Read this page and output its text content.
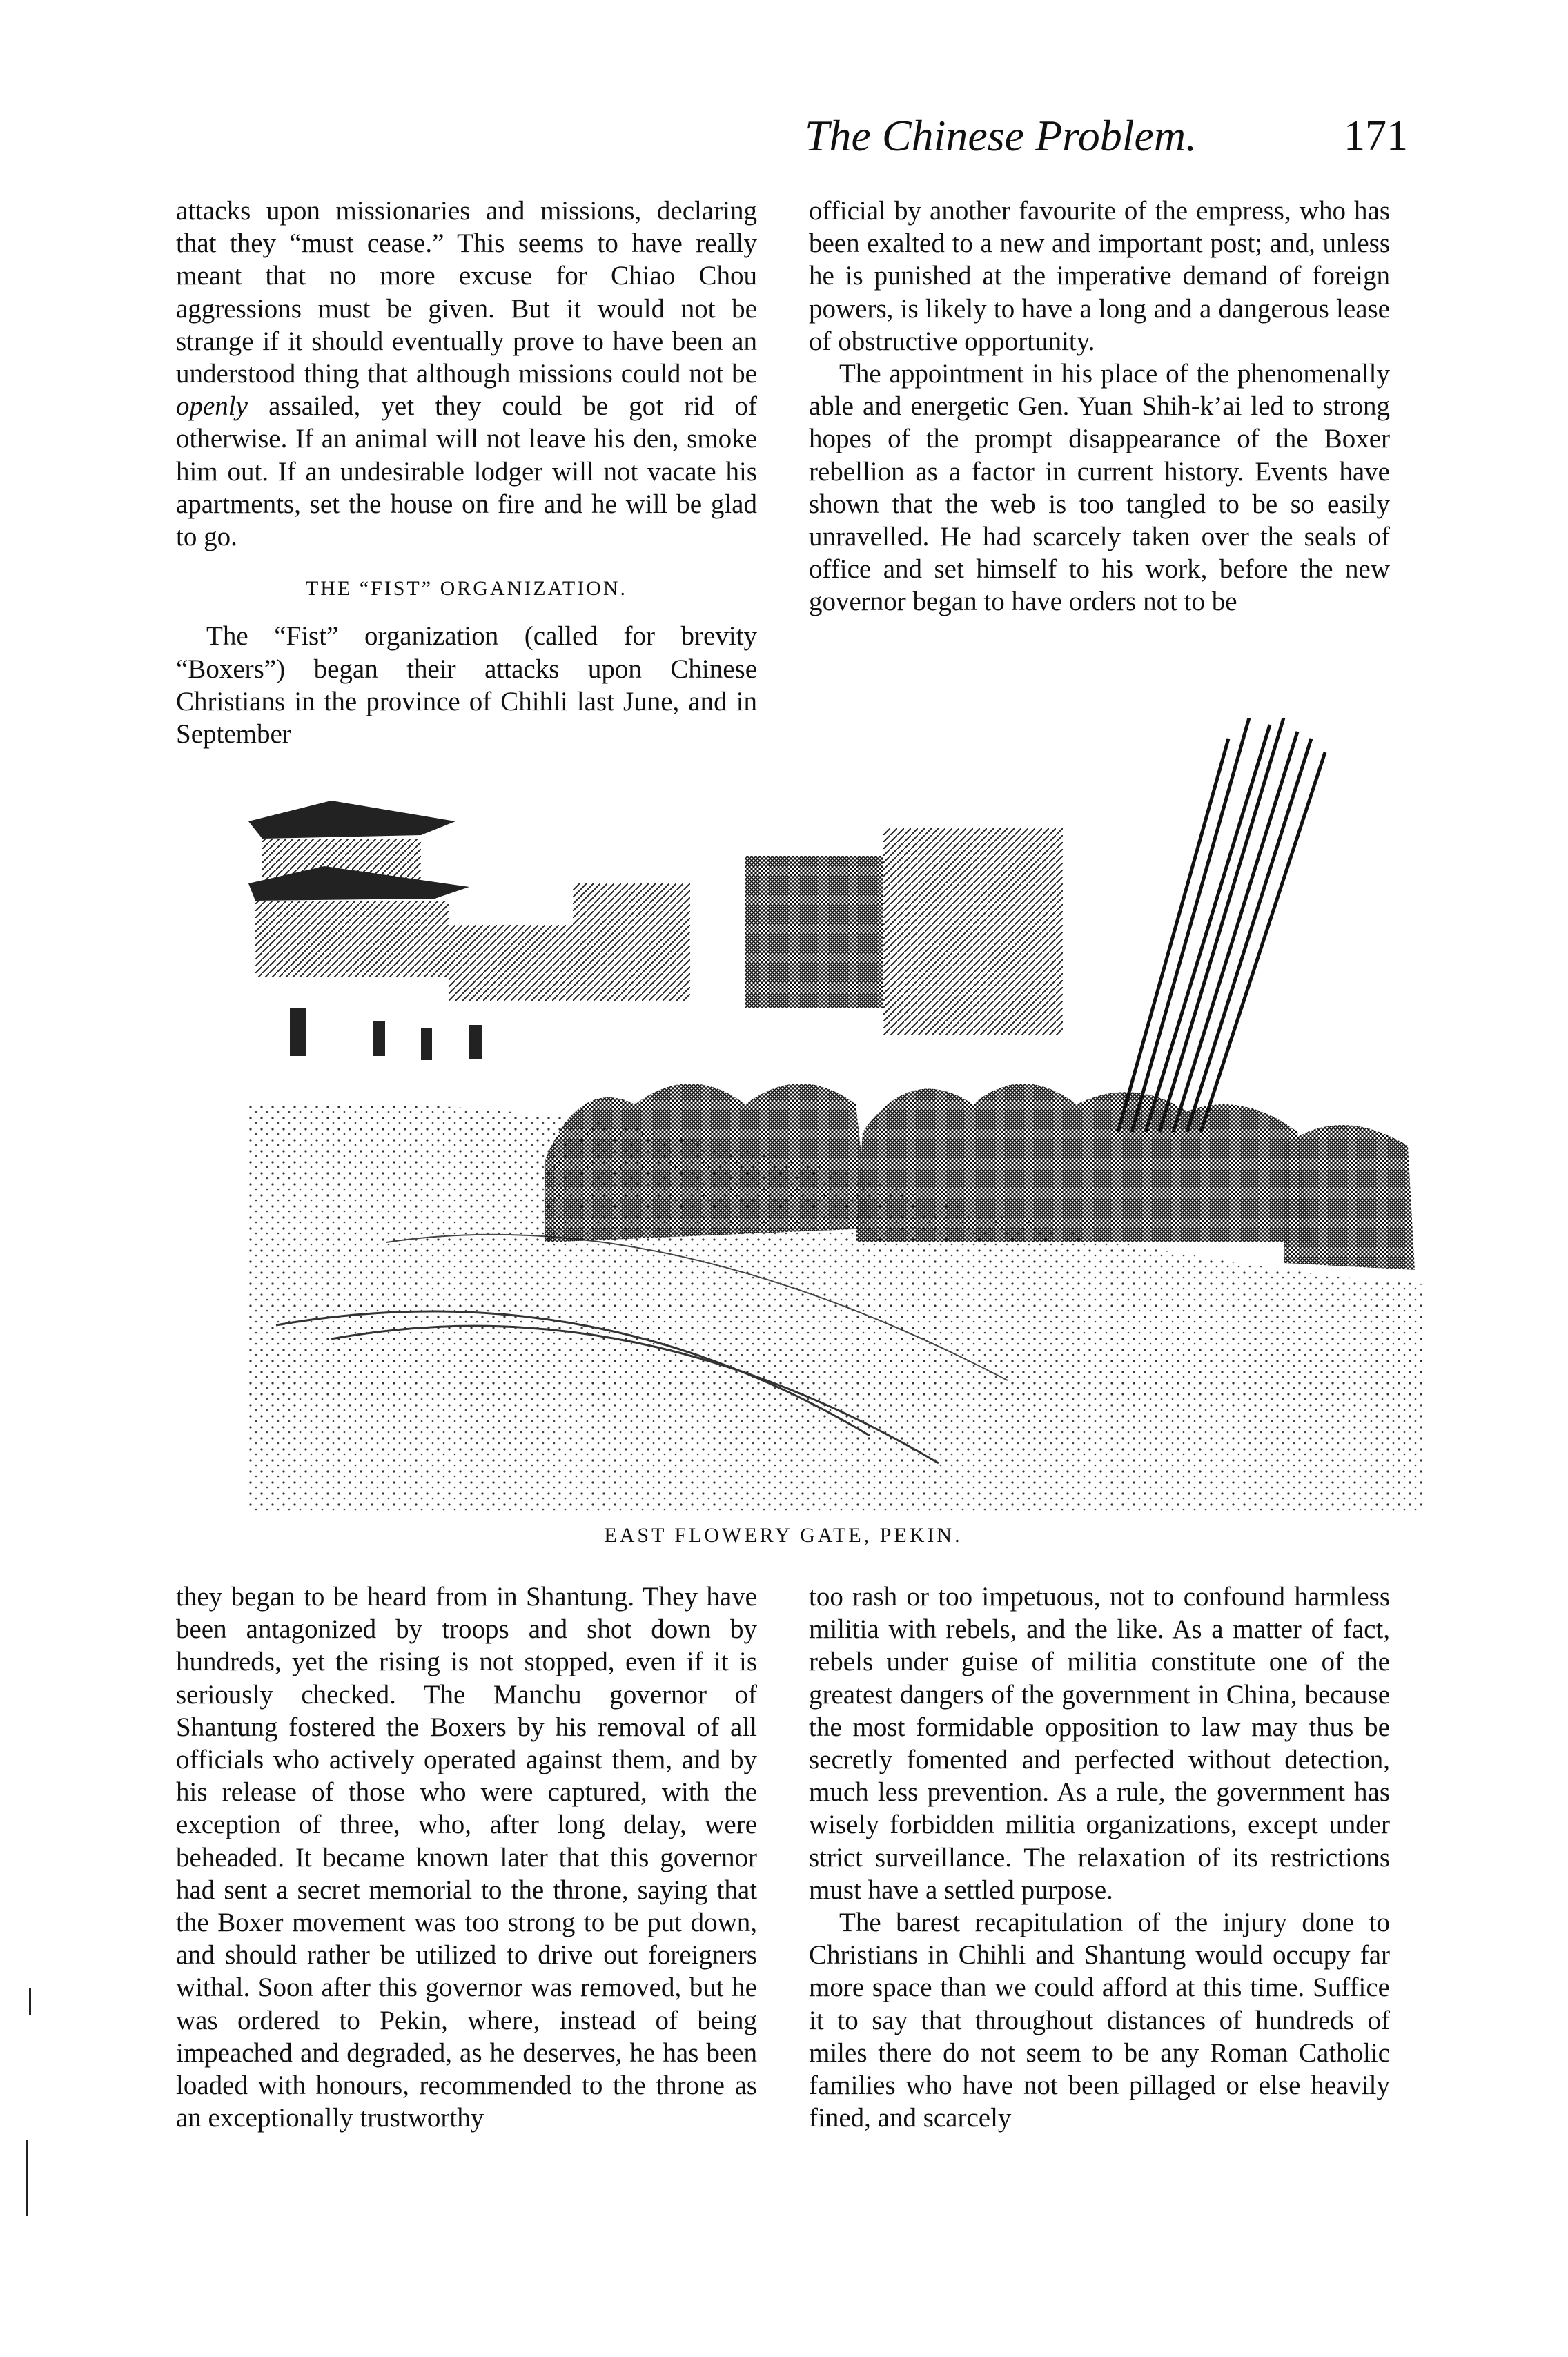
The Chinese Problem.	171

attacks upon missionaries and missions, declaring that they “must cease.” This seems to have really meant that no more excuse for Chiao Chou aggressions must be given. But it would not be strange if it should eventually prove to have been an understood thing that although missions could not be openly assailed, yet they could be got rid of otherwise. If an animal will not leave his den, smoke him out. If an undesirable lodger will not vacate his apartments, set the house on fire and he will be glad to go.

THE “FIST” ORGANIZATION.

The “Fist” organization (called for brevity “Boxers”) began their attacks upon Chinese Christians in the province of Chihli last June, and in September

official by another favourite of the empress, who has been exalted to a new and important post; and, unless he is punished at the imperative demand of foreign powers, is likely to have a long and a dangerous lease of obstructive opportunity.

The appointment in his place of the phenomenally able and energetic Gen. Yuan Shih-k’ai led to strong hopes of the prompt disappearance of the Boxer rebellion as a factor in current history. Events have shown that the web is too tangled to be so easily unravelled. He had scarcely taken over the seals of office and set himself to his work, before the new governor began to have orders not to be

EAST FLOWERY GATE, PEKIN.

they began to be heard from in Shantung. They have been antagonized by troops and shot down by hundreds, yet the rising is not stopped, even if it is seriously checked. The Manchu governor of Shantung fostered the Boxers by his removal of all officials who actively operated against them, and by his release of those who were captured, with the exception of three, who, after long delay, were beheaded. It became known later that this governor had sent a secret memorial to the throne, saying that the Boxer movement was too strong to be put down, and should rather be utilized to drive out foreigners withal. Soon after this governor was removed, but he was ordered to Pekin, where, instead of being impeached and degraded, as he deserves, he has been loaded with honours, recommended to the throne as an exceptionally trustworthy

too rash or too impetuous, not to confound harmless militia with rebels, and the like. As a matter of fact, rebels under guise of militia constitute one of the greatest dangers of the government in China, because the most formidable opposition to law may thus be secretly fomented and perfected without detection, much less prevention. As a rule, the government has wisely forbidden militia organizations, except under strict surveillance. The relaxation of its restrictions must have a settled purpose.

The barest recapitulation of the injury done to Christians in Chihli and Shantung would occupy far more space than we could afford at this time. Suffice it to say that throughout distances of hundreds of miles there do not seem to be any Roman Catholic families who have not been pillaged or else heavily fined, and scarcely
